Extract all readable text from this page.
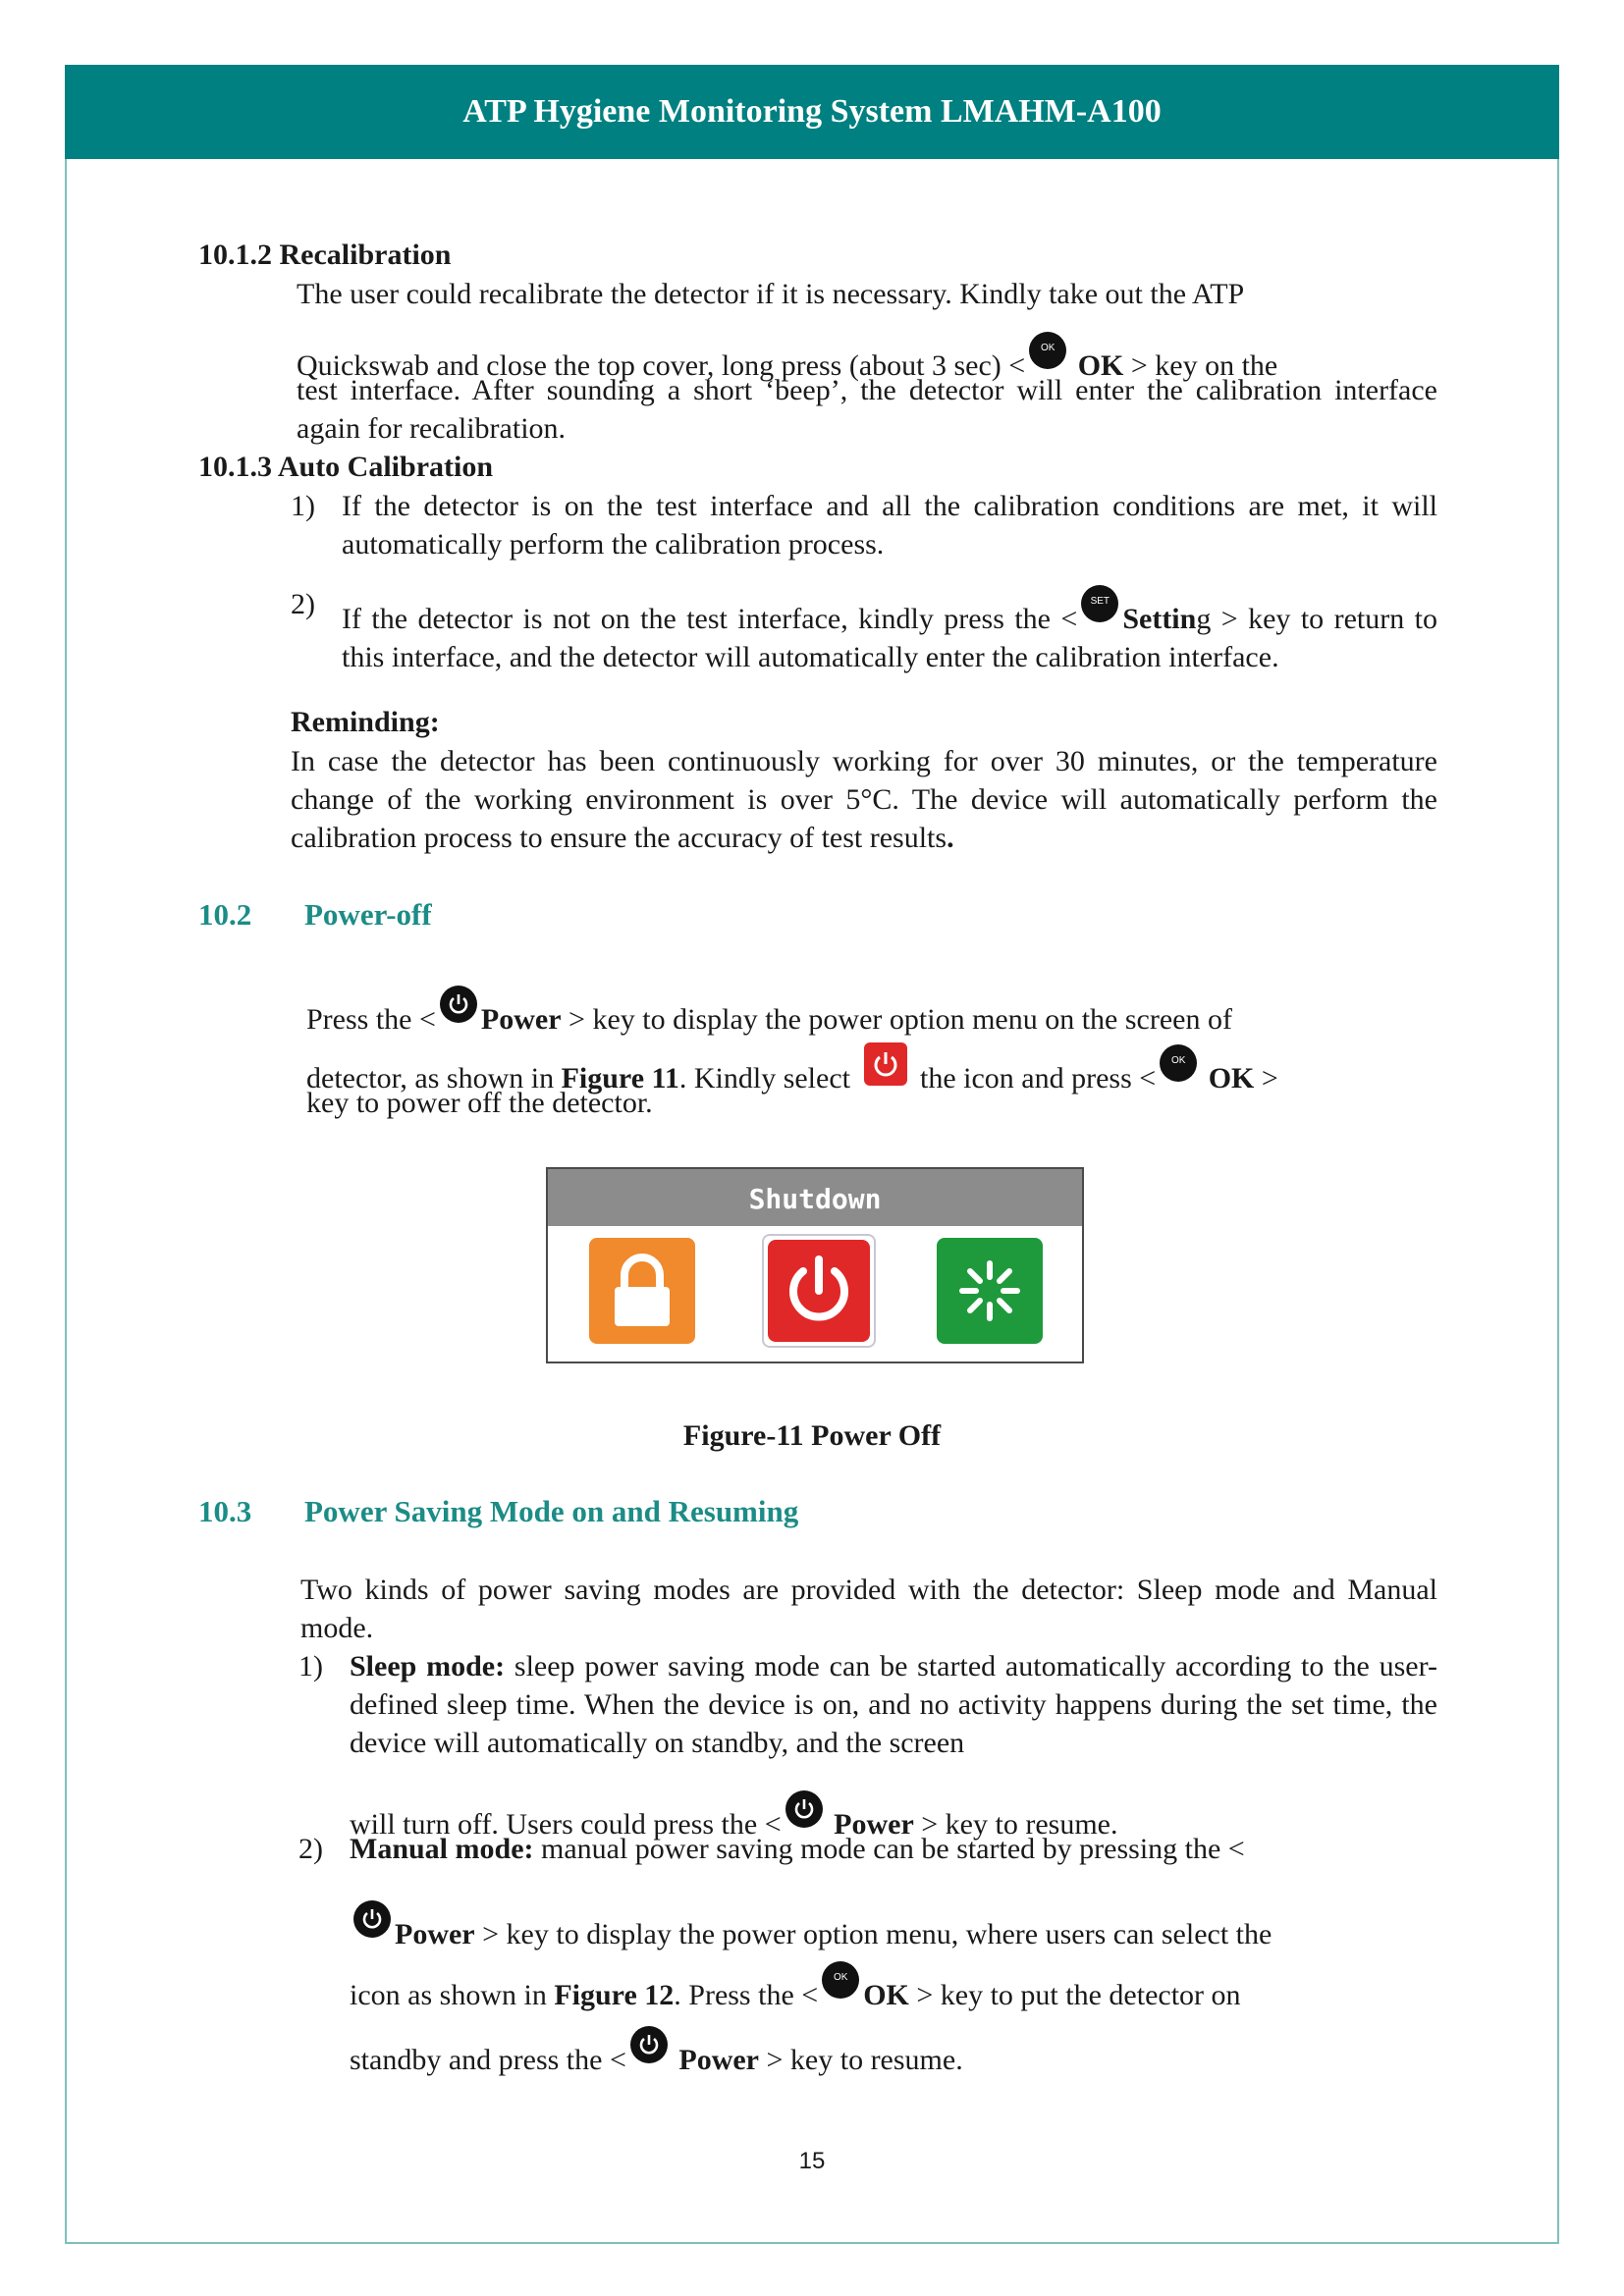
ATP Hygiene Monitoring System LMAHM-A100

10.1.2 Recalibration

The user could recalibrate the detector if it is necessary. Kindly take out the ATP

Quickswab and close the top cover, long press (about 3 sec) <
OK
OK > key on the

test interface. After sounding a short ‘beep’, the detector will enter the calibration interface again for recalibration.

10.1.3 Auto Calibration

1) If the detector is on the test interface and all the calibration conditions are met, it will automatically perform the calibration process.
2) If the detector is not on the test interface, kindly press the <
SET
Setting > key to return to this interface, and the detector will automatically enter the calibration interface.

Reminding:

In case the detector has been continuously working for over 30 minutes, or the temperature change of the working environment is over 5°C. The device will automatically perform the calibration process to ensure the accuracy of test results.

10.2 Power-off

Press the < Power > key to display the power option menu on the screen of

detector, as shown in Figure 11. Kindly select
the icon and press <
OK
OK >

key to power off the detector.

Shutdown
Figure-11 Power Off

10.3 Power Saving Mode on and Resuming

Two kinds of power saving modes are provided with the detector: Sleep mode and Manual mode.

1) Sleep mode: sleep power saving mode can be started automatically according to the user-defined sleep time. When the device is on, and no activity happens during the set time, the device will automatically on standby, and the screen

will turn off. Users could press the < Power > key to resume.

2) Manual mode: manual power saving mode can be started by pressing the <

Power > key to display the power option menu, where users can select the

icon as shown in Figure 12. Press the <
OK
OK > key to put the detector on

standby and press the < Power > key to resume.

15
